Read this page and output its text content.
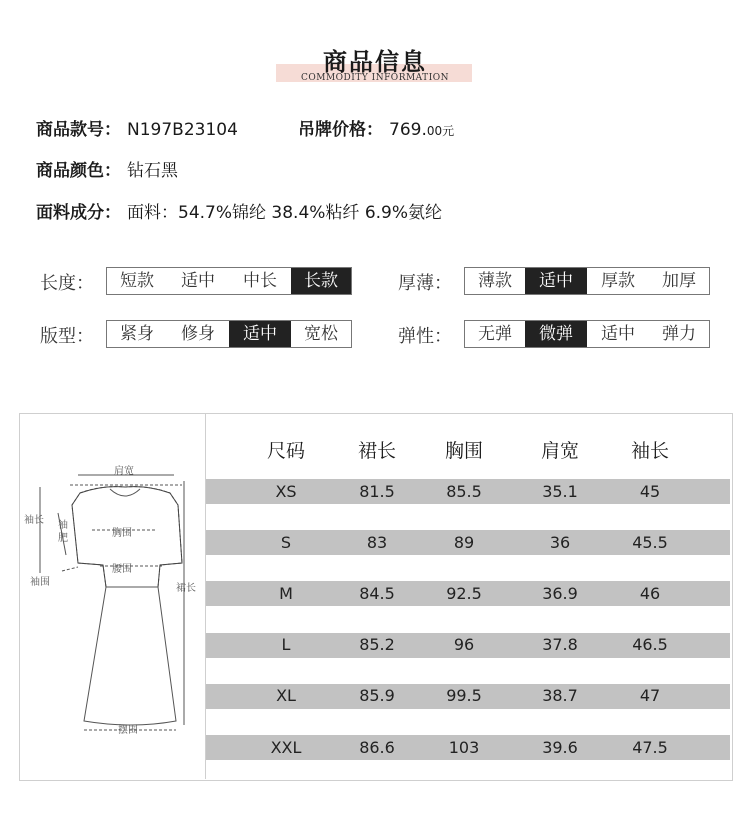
商品信息
COMMODITY INFORMATION
商品款号： N197B23104	吊牌价格： 769.00元
商品颜色： 钻石黑
面料成分： 面料：54.7%锦纶 38.4%粘纤 6.9%氨纶
长度：	短款	适中	中长	长款	厚薄：	薄款	适中	厚款	加厚
版型：	紧身	修身	适中	宽松	弹性：	无弹	微弹	适中	弹力
肩宽
袖长 袖
肥	胸围
腰围
袖围
裙长
摆围
尺码	裙长	胸围	肩宽	袖长
XS	81.5	85.5	35.1	45
S	83	89	36	45.5
M	84.5	92.5	36.9	46
L	85.2	96	37.8	46.5
XL	85.9	99.5	38.7	47
XXL	86.6	103	39.6	47.5
